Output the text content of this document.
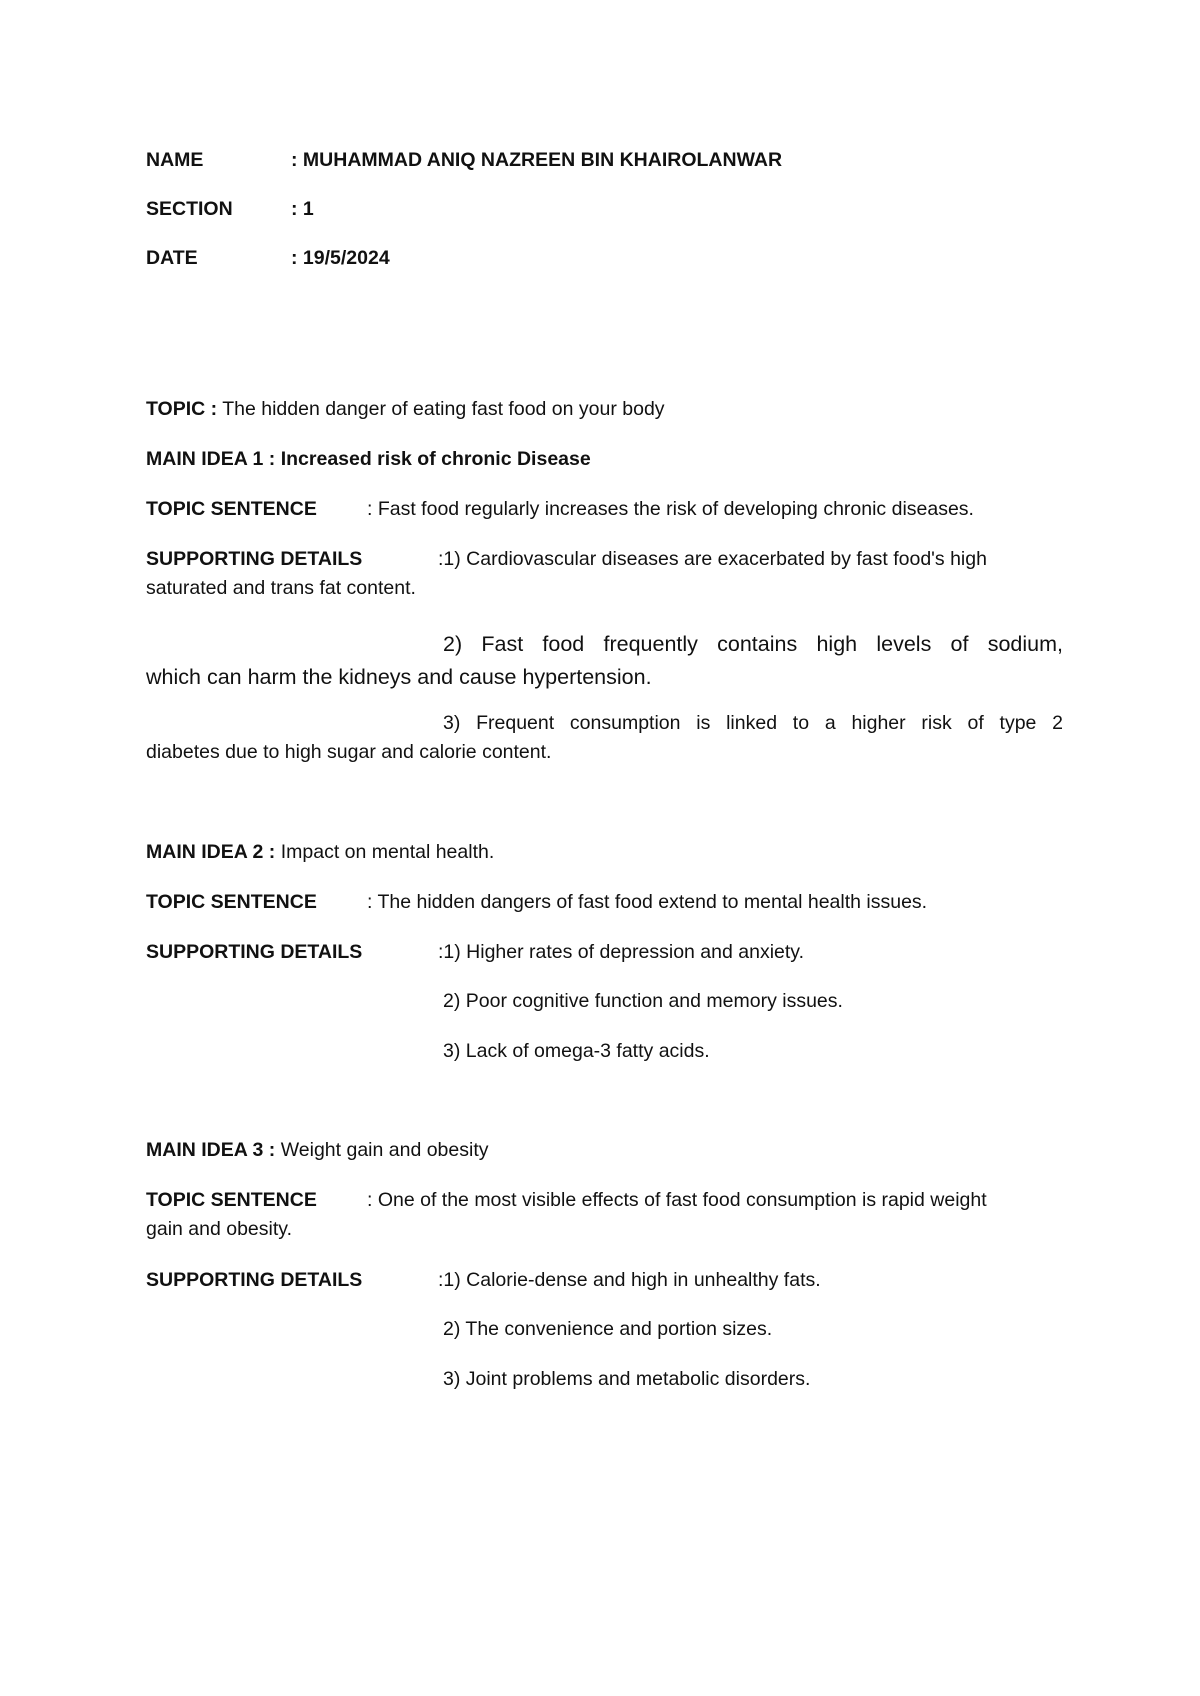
NAME	: MUHAMMAD ANIQ NAZREEN BIN KHAIROLANWAR
SECTION	: 1
DATE	: 19/5/2024
TOPIC : The hidden danger of eating fast food on your body
MAIN IDEA 1 : Increased risk of chronic Disease
TOPIC SENTENCE	: Fast food regularly increases the risk of developing chronic diseases.
SUPPORTING DETAILS	:1) Cardiovascular diseases are exacerbated by fast food's high
saturated and trans fat content.
2) Fast food frequently contains high levels of sodium,
which can harm the kidneys and cause hypertension.
3) Frequent consumption is linked to a higher risk of type 2
diabetes due to high sugar and calorie content.
MAIN IDEA 2 : Impact on mental health.
TOPIC SENTENCE	: The hidden dangers of fast food extend to mental health issues.
SUPPORTING DETAILS	:1) Higher rates of depression and anxiety.
2) Poor cognitive function and memory issues.
3) Lack of omega-3 fatty acids.
MAIN IDEA 3 : Weight gain and obesity
TOPIC SENTENCE	: One of the most visible effects of fast food consumption is rapid weight
gain and obesity.
SUPPORTING DETAILS	:1) Calorie-dense and high in unhealthy fats.
2) The convenience and portion sizes.
3) Joint problems and metabolic disorders.
